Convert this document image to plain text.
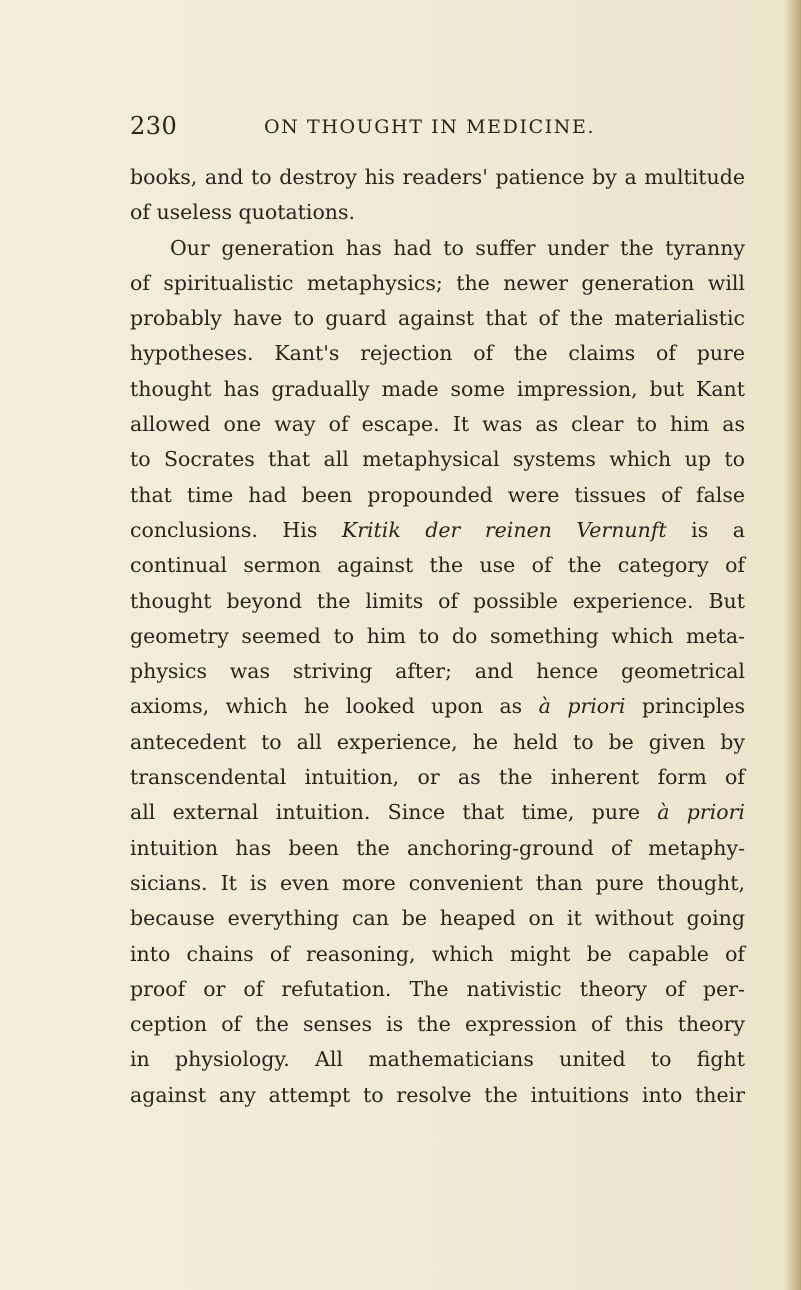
230	ON THOUGHT IN MEDICINE.
books, and to destroy his readers' patience by a multitude
of useless quotations.
Our generation has had to suffer under the tyranny
of spiritualistic metaphysics; the newer generation will
probably have to guard against that of the materialistic
hypotheses. Kant's rejection of the claims of pure
thought has gradually made some impression, but Kant
allowed one way of escape. It was as clear to him as
to Socrates that all metaphysical systems which up to
that time had been propounded were tissues of false
conclusions. His Kritik der reinen Vernunft is a
continual sermon against the use of the category of
thought beyond the limits of possible experience. But
geometry seemed to him to do something which meta-
physics was striving after; and hence geometrical
axioms, which he looked upon as à priori principles
antecedent to all experience, he held to be given by
transcendental intuition, or as the inherent form of
all external intuition. Since that time, pure à priori
intuition has been the anchoring-ground of metaphy-
sicians. It is even more convenient than pure thought,
because everything can be heaped on it without going
into chains of reasoning, which might be capable of
proof or of refutation. The nativistic theory of per-
ception of the senses is the expression of this theory
in physiology. All mathematicians united to fight
against any attempt to resolve the intuitions into their
